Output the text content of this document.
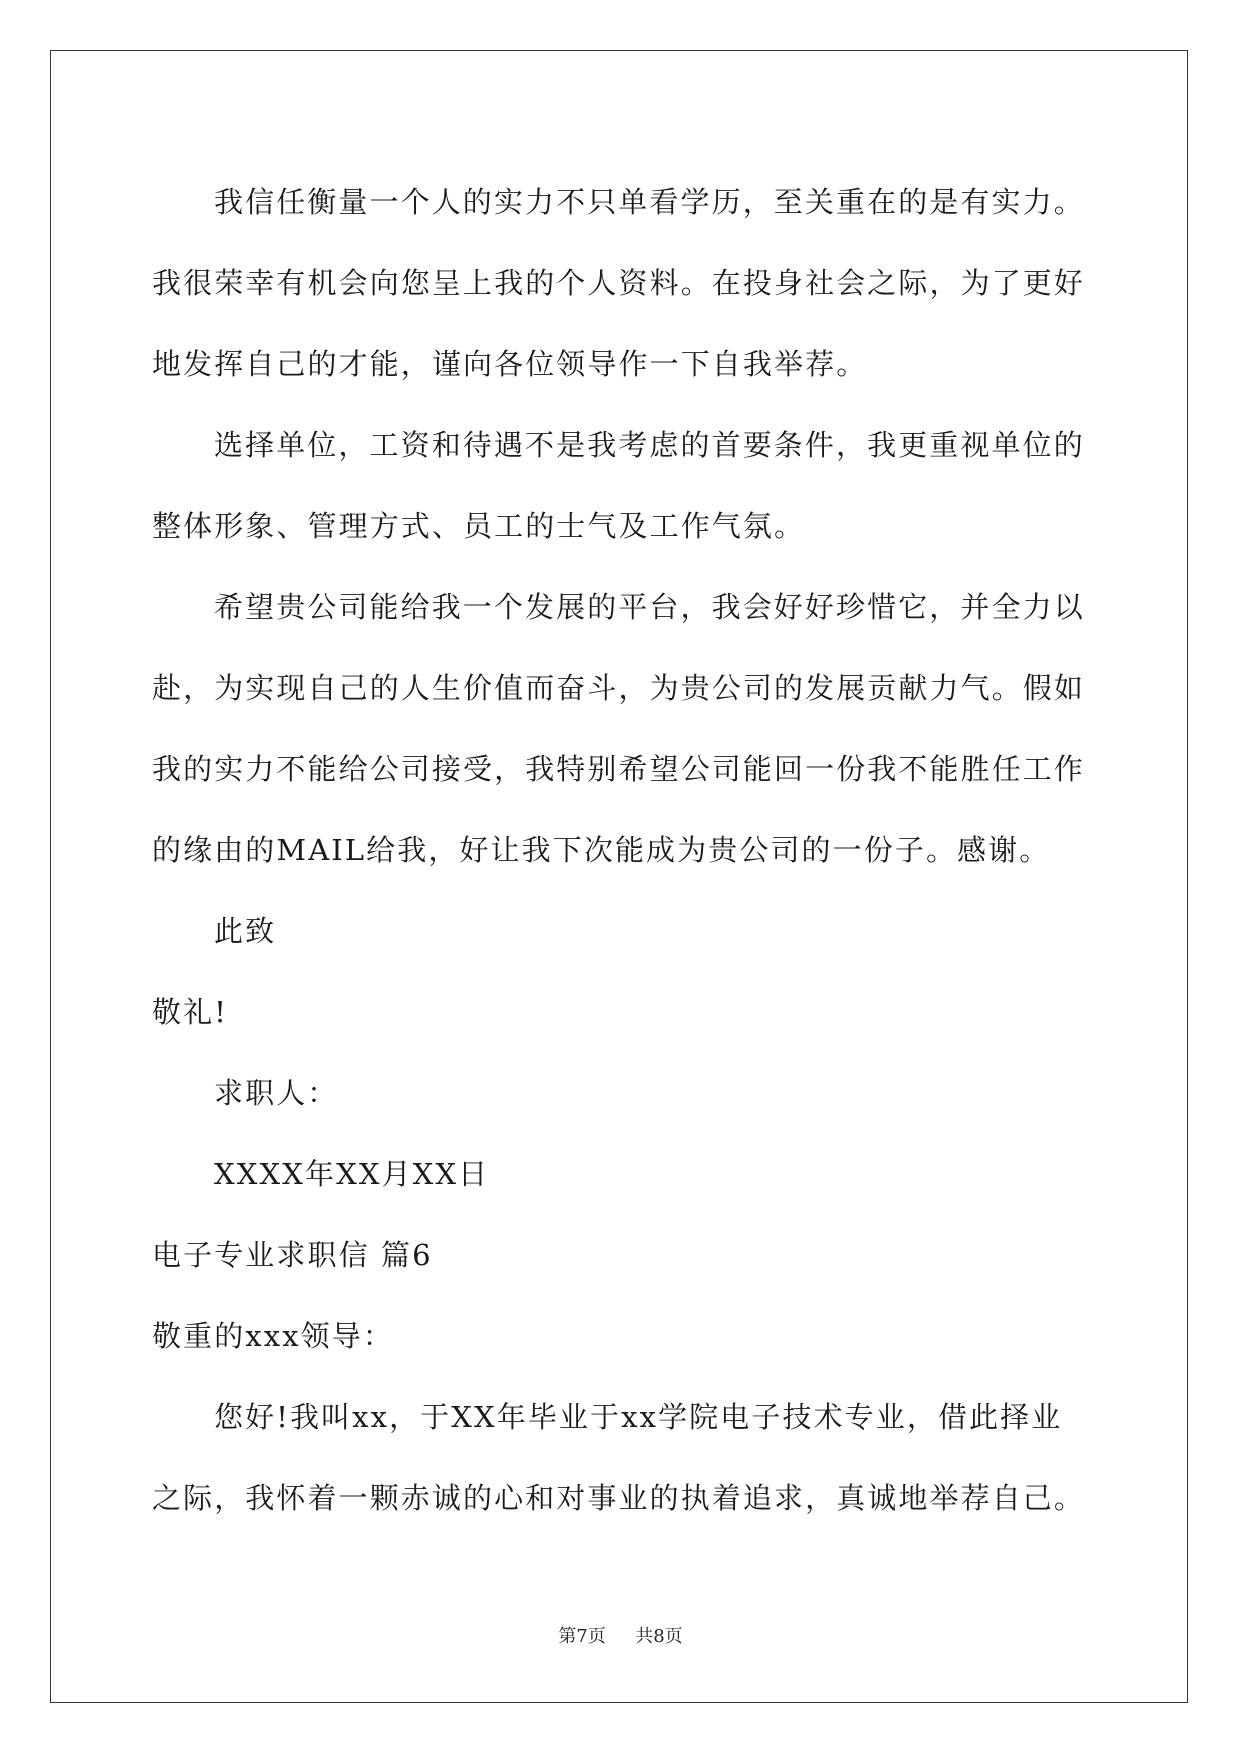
我信任衡量一个人的实力不只单看学历，至关重在的是有实力。

我很荣幸有机会向您呈上我的个人资料。在投身社会之际，为了更好

地发挥自己的才能，谨向各位领导作一下自我举荐。

选择单位，工资和待遇不是我考虑的首要条件，我更重视单位的

整体形象、管理方式、员工的士气及工作气氛。

希望贵公司能给我一个发展的平台，我会好好珍惜它，并全力以

赴，为实现自己的人生价值而奋斗，为贵公司的发展贡献力气。假如

我的实力不能给公司接受，我特别希望公司能回一份我不能胜任工作

的缘由的MAIL给我，好让我下次能成为贵公司的一份子。感谢。

此致

敬礼!

求职人：

XXXX年XX月XX日

电子专业求职信 篇6

敬重的xxx领导：

您好!我叫xx，于XX年毕业于xx学院电子技术专业，借此择业

之际，我怀着一颗赤诚的心和对事业的执着追求，真诚地举荐自己。

第7页 共8页
